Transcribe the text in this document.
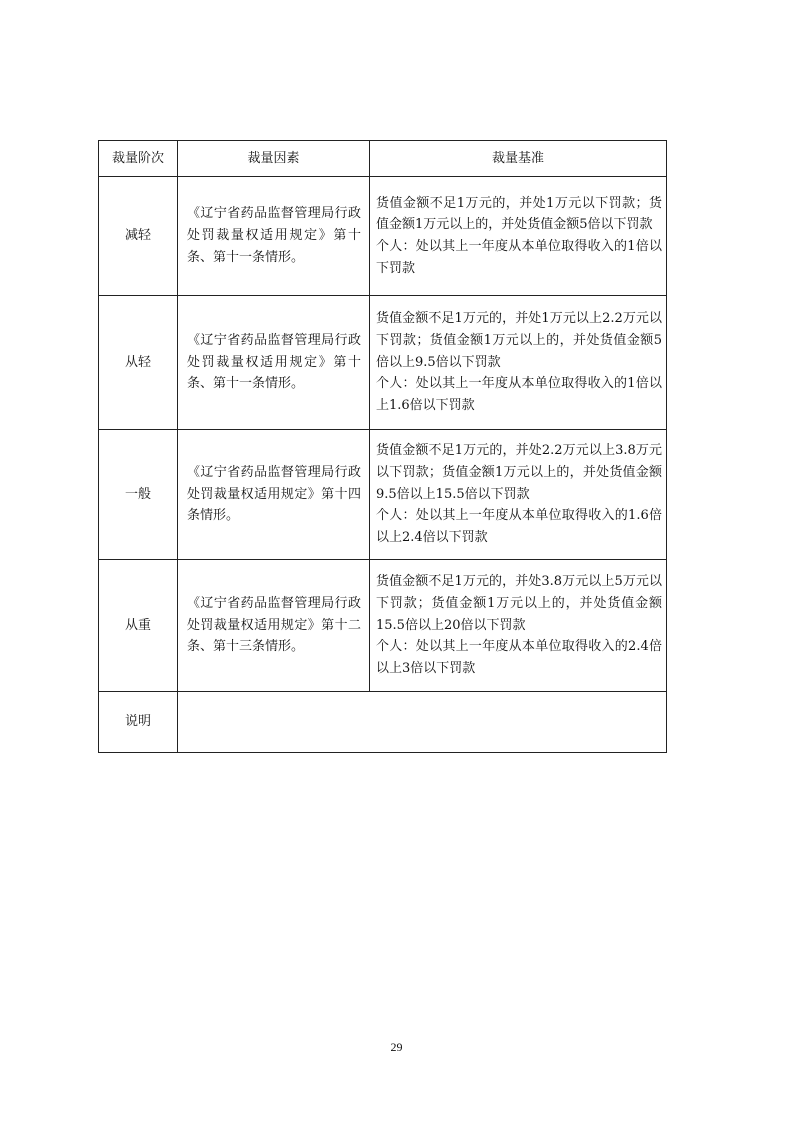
裁量阶次	裁量因素	裁量基准
减轻	《辽宁省药品监督管理局行政处罚裁量权适用规定》第十条、第十一条情形。	货值金额不足1万元的，并处1万元以下罚款；货值金额1万元以上的，并处货值金额5倍以下罚款
个人：处以其上一年度从本单位取得收入的1倍以下罚款

从轻	《辽宁省药品监督管理局行政处罚裁量权适用规定》第十条、第十一条情形。	货值金额不足1万元的，并处1万元以上2.2万元以下罚款；货值金额1万元以上的，并处货值金额5倍以上9.5倍以下罚款
个人：处以其上一年度从本单位取得收入的1倍以上1.6倍以下罚款

一般	《辽宁省药品监督管理局行政处罚裁量权适用规定》第十四条情形。	货值金额不足1万元的，并处2.2万元以上3.8万元以下罚款；货值金额1万元以上的，并处货值金额9.5倍以上15.5倍以下罚款
个人：处以其上一年度从本单位取得收入的1.6倍以上2.4倍以下罚款

从重	《辽宁省药品监督管理局行政处罚裁量权适用规定》第十二条、第十三条情形。	货值金额不足1万元的，并处3.8万元以上5万元以下罚款；货值金额1万元以上的，并处货值金额15.5倍以上20倍以下罚款
个人：处以其上一年度从本单位取得收入的2.4倍以上3倍以下罚款

说明		
29
